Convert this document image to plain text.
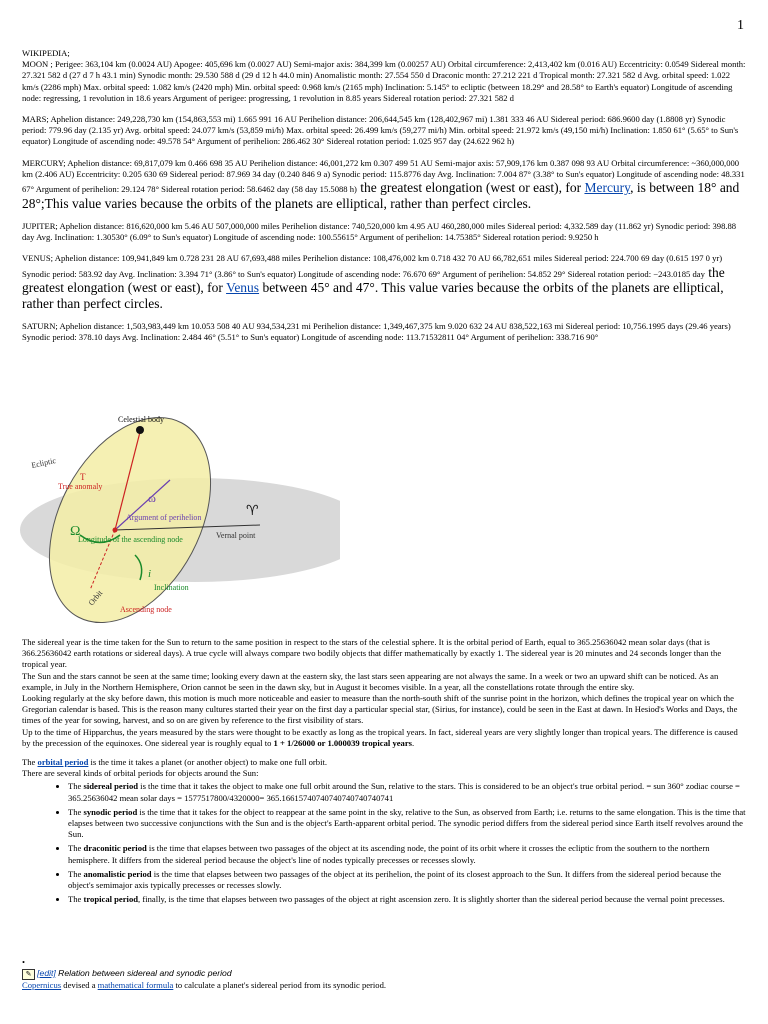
1

WIKIPEDIA;

MOON ; Perigee: 363,104 km (0.0024 AU) Apogee: 405,696 km (0.0027 AU) Semi-major axis: 384,399 km (0.00257 AU) Orbital circumference: 2,413,402 km (0.016 AU) Eccentricity: 0.0549 Sidereal month: 27.321 582 d (27 d 7 h 43.1 min) Synodic month: 29.530 588 d (29 d 12 h 44.0 min) Anomalistic month: 27.554 550 d Draconic month: 27.212 221 d Tropical month: 27.321 582 d Avg. orbital speed: 1.022 km/s (2286 mph) Max. orbital speed: 1.082 km/s (2420 mph) Min. orbital speed: 0.968 km/s (2165 mph) Inclination: 5.145° to ecliptic (between 18.29° and 28.58° to Earth's equator) Longitude of ascending node: regressing, 1 revolution in 18.6 years Argument of perigee: progressing, 1 revolution in 8.85 years Sidereal rotation period: 27.321 582 d

MARS; Aphelion distance: 249,228,730 km (154,863,553 mi) 1.665 991 16 AU Perihelion distance: 206,644,545 km (128,402,967 mi) 1.381 333 46 AU Sidereal period: 686.9600 day (1.8808 yr) Synodic period: 779.96 day (2.135 yr) Avg. orbital speed: 24.077 km/s (53,859 mi/h) Max. orbital speed: 26.499 km/s (59,277 mi/h) Min. orbital speed: 21.972 km/s (49,150 mi/h) Inclination: 1.850 61° (5.65° to Sun's equator) Longitude of ascending node: 49.578 54° Argument of perihelion: 286.462 30° Sidereal rotation period: 1.025 957 day (24.622 962 h)

MERCURY; Aphelion distance: 69,817,079 km 0.466 698 35 AU Perihelion distance: 46,001,272 km 0.307 499 51 AU Semi-major axis: 57,909,176 km 0.387 098 93 AU Orbital circumference: ~360,000,000 km (2.406 AU) Eccentricity: 0.205 630 69 Sidereal period: 87.969 34 day (0.240 846 9 a) Synodic period: 115.8776 day Avg. Inclination: 7.004 87° (3.38° to Sun's equator) Longitude of ascending node: 48.331 67° Argument of perihelion: 29.124 78° Sidereal rotation period: 58.6462 day (58 day 15.5088 h) the greatest elongation (west or east), for Mercury, is between 18° and 28°;This value varies because the orbits of the planets are elliptical, rather than perfect circles.

JUPITER; Aphelion distance: 816,620,000 km 5.46 AU 507,000,000 miles Perihelion distance: 740,520,000 km 4.95 AU 460,280,000 miles Sidereal period: 4,332.589 day (11.862 yr) Synodic period: 398.88 day Avg. Inclination: 1.30530° (6.09° to Sun's equator) Longitude of ascending node: 100.55615° Argument of perihelion: 14.75385° Sidereal rotation period: 9.9250 h

VENUS; Aphelion distance: 109,941,849 km 0.728 231 28 AU 67,693,488 miles Perihelion distance: 108,476,002 km 0.718 432 70 AU 66,782,651 miles Sidereal period: 224.700 69 day (0.615 197 0 yr) Synodic period: 583.92 day Avg. Inclination: 3.394 71° (3.86° to Sun's equator) Longitude of ascending node: 76.670 69° Argument of perihelion: 54.852 29° Sidereal rotation period: −243.0185 day the greatest elongation (west or east), for Venus between 45° and 47°. This value varies because the orbits of the planets are elliptical, rather than perfect circles.

SATURN; Aphelion distance: 1,503,983,449 km 10.053 508 40 AU 934,534,231 mi Perihelion distance: 1,349,467,375 km 9.020 632 24 AU 838,522,163 mi Sidereal period: 10,756.1995 days (29.46 years) Synodic period: 378.10 days Avg. Inclination: 2.484 46° (5.51° to Sun's equator) Longitude of ascending node: 113.71532811 04° Argument of perihelion: 338.716 90°

Celestial body
Ecliptic
T
True anomaly
ω
Argument of perihelion
Ω
Longitude of the ascending node
♈
Vernal point
i
Inclination
Orbit
Ascending node

The sidereal year is the time taken for the Sun to return to the same position in respect to the stars of the celestial sphere. It is the orbital period of Earth, equal to 365.25636042 mean solar days (that is 366.25636042 earth rotations or sidereal days). A true cycle will always compare two bodily objects that differ mathematically by exactly 1. The sidereal year is 20 minutes and 24 seconds longer than the tropical year.

The Sun and the stars cannot be seen at the same time; looking every dawn at the eastern sky, the last stars seen appearing are not always the same. In a week or two an upward shift can be noticed. As an example, in July in the Northern Hemisphere, Orion cannot be seen in the dawn sky, but in August it becomes visible. In a year, all the constellations rotate through the entire sky.

Looking regularly at the sky before dawn, this motion is much more noticeable and easier to measure than the north-south shift of the sunrise point in the horizon, which defines the tropical year on which the Gregorian calendar is based. This is the reason many cultures started their year on the first day a particular special star, (Sirius, for instance), could be seen in the East at dawn. In Hesiod's Works and Days, the times of the year for sowing, harvest, and so on are given by reference to the first visibility of stars.

Up to the time of Hipparchus, the years measured by the stars were thought to be exactly as long as the tropical years. In fact, sidereal years are very slightly longer than tropical years. The difference is caused by the precession of the equinoxes. One sidereal year is roughly equal to 1 + 1/26000 or 1.000039 tropical years.

The orbital period is the time it takes a planet (or another object) to make one full orbit.

There are several kinds of orbital periods for objects around the Sun:

• The sidereal period is the time that it takes the object to make one full orbit around the Sun, relative to the stars. This is considered to be an object's true orbital period. = sun 360° zodiac course = 365.25636042 mean solar days = 1577517800/4320000= 365.16615740740740740740740741
• The synodic period is the time that it takes for the object to reappear at the same point in the sky, relative to the Sun, as observed from Earth; i.e. returns to the same elongation. This is the time that elapses between two successive conjunctions with the Sun and is the object's Earth-apparent orbital period. The synodic period differs from the sidereal period since Earth itself revolves around the Sun.
• The draconitic period is the time that elapses between two passages of the object at its ascending node, the point of its orbit where it crosses the ecliptic from the southern to the northern hemisphere. It differs from the sidereal period because the object's line of nodes typically precesses or recesses slowly.
• The anomalistic period is the time that elapses between two passages of the object at its perihelion, the point of its closest approach to the Sun. It differs from the sidereal period because the object's semimajor axis typically precesses or recesses slowly.
• The tropical period, finally, is the time that elapses between two passages of the object at right ascension zero. It is slightly shorter than the sidereal period because the vernal point precesses.
•
✎ [edit] Relation between sidereal and synodic period
Copernicus devised a mathematical formula to calculate a planet's sidereal period from its synodic period.
